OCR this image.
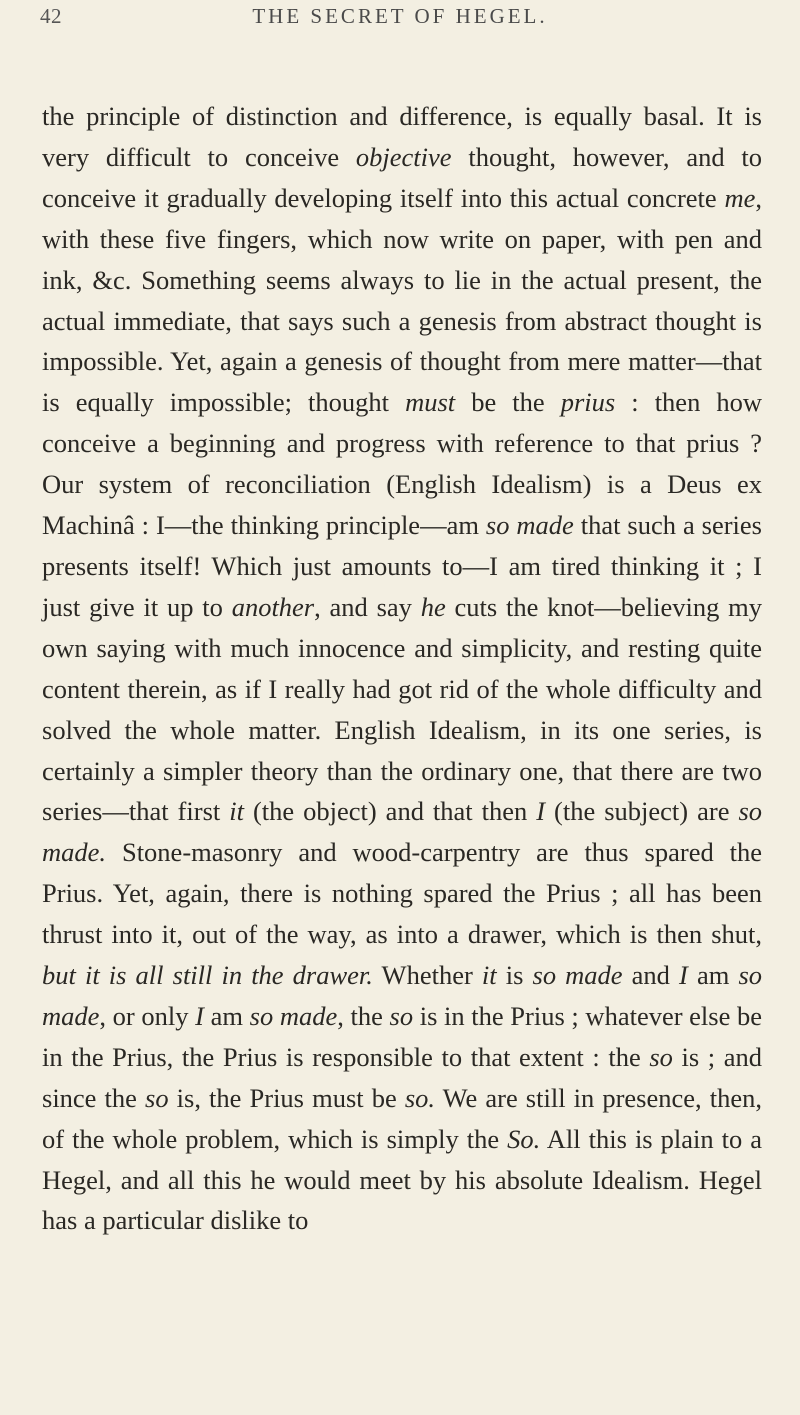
42	THE SECRET OF HEGEL.

the principle of distinction and difference, is equally basal. It is very difficult to conceive objective thought, however, and to conceive it gradually developing itself into this actual concrete me, with these five fingers, which now write on paper, with pen and ink, &c. Something seems always to lie in the actual present, the actual immediate, that says such a genesis from abstract thought is impossible. Yet, again a genesis of thought from mere matter—that is equally impossible; thought must be the prius : then how conceive a beginning and progress with reference to that prius ? Our system of reconciliation (English Idealism) is a Deus ex Machinâ : I—the thinking principle—am so made that such a series presents itself! Which just amounts to—I am tired thinking it ; I just give it up to another, and say he cuts the knot—believing my own saying with much innocence and simplicity, and resting quite content therein, as if I really had got rid of the whole difficulty and solved the whole matter. English Idealism, in its one series, is certainly a simpler theory than the ordinary one, that there are two series—that first it (the object) and that then I (the subject) are so made. Stone-masonry and wood-carpentry are thus spared the Prius. Yet, again, there is nothing spared the Prius ; all has been thrust into it, out of the way, as into a drawer, which is then shut, but it is all still in the drawer. Whether it is so made and I am so made, or only I am so made, the so is in the Prius ; whatever else be in the Prius, the Prius is responsible to that extent : the so is ; and since the so is, the Prius must be so. We are still in presence, then, of the whole problem, which is simply the So. All this is plain to a Hegel, and all this he would meet by his absolute Idealism. Hegel has a particular dislike to
